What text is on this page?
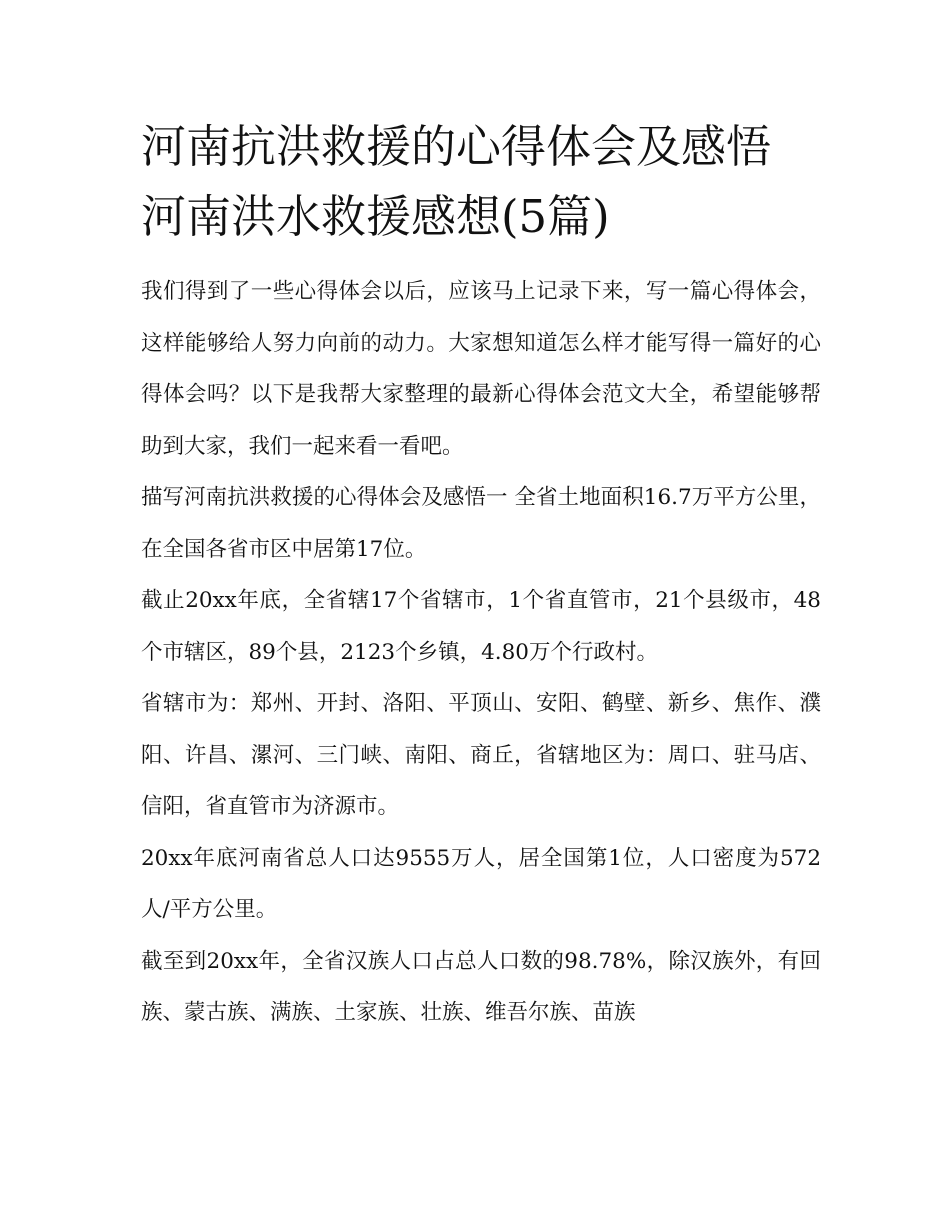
河南抗洪救援的心得体会及感悟 河南洪水救援感想(5篇)

我们得到了一些心得体会以后，应该马上记录下来，写一篇心得体会，这样能够给人努力向前的动力。大家想知道怎么样才能写得一篇好的心得体会吗？以下是我帮大家整理的最新心得体会范文大全，希望能够帮助到大家，我们一起来看一看吧。

描写河南抗洪救援的心得体会及感悟一 全省土地面积16.7万平方公里，在全国各省市区中居第17位。

截止20xx年底，全省辖17个省辖市，1个省直管市，21个县级市，48个市辖区，89个县，2123个乡镇，4.80万个行政村。

省辖市为：郑州、开封、洛阳、平顶山、安阳、鹤壁、新乡、焦作、濮阳、许昌、漯河、三门峡、南阳、商丘，省辖地区为：周口、驻马店、信阳，省直管市为济源市。

20xx年底河南省总人口达9555万人，居全国第1位，人口密度为572人/平方公里。

截至到20xx年，全省汉族人口占总人口数的98.78%，除汉族外，有回族、蒙古族、满族、土家族、壮族、维吾尔族、苗族
